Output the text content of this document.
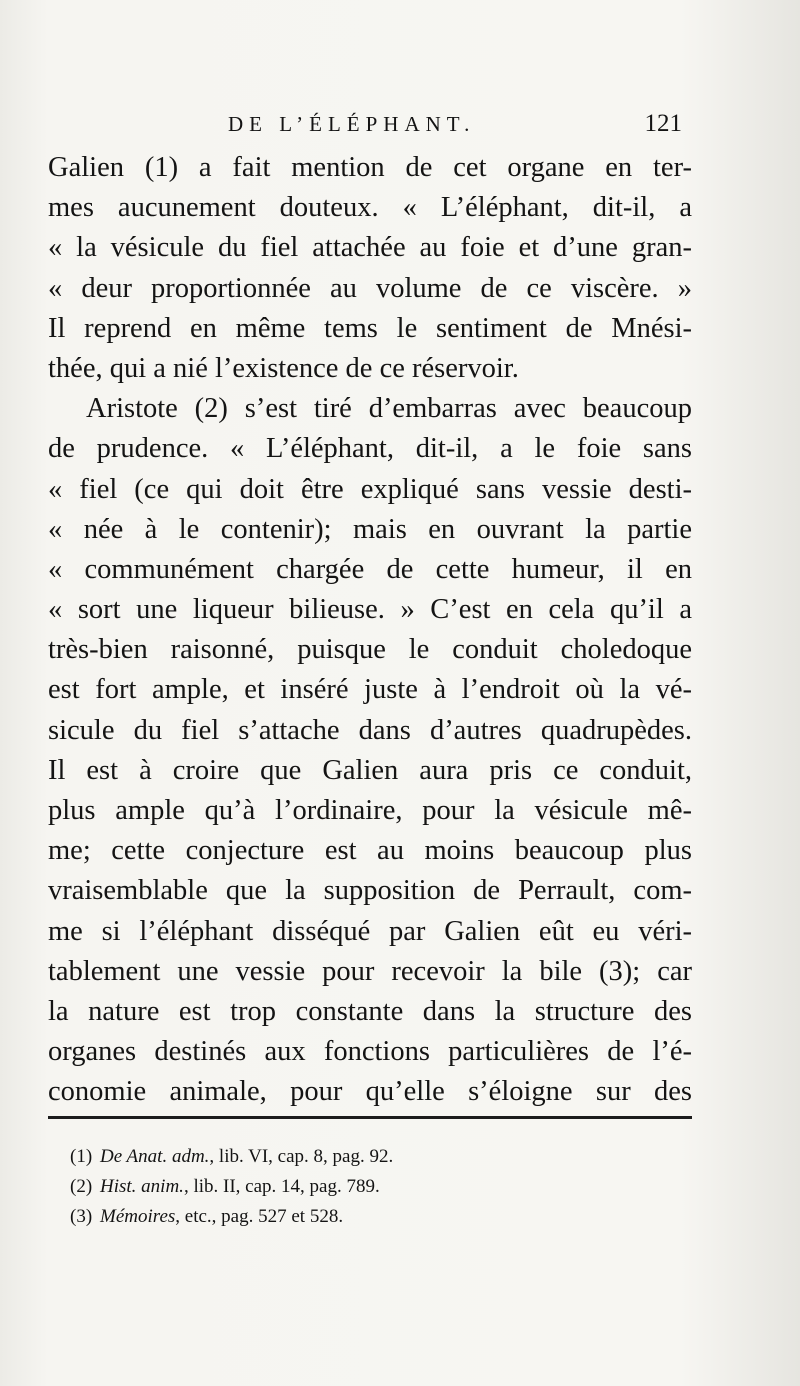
DE L’ÉLÉPHANT.	121
Galien (1) a fait mention de cet organe en ter-
mes aucunement douteux. « L’éléphant, dit-il, a
« la vésicule du fiel attachée au foie et d’une gran-
« deur proportionnée au volume de ce viscère. »
Il reprend en même tems le sentiment de Mnési-
thée, qui a nié l’existence de ce réservoir.
Aristote (2) s’est tiré d’embarras avec beaucoup
de prudence. « L’éléphant, dit-il, a le foie sans
« fiel (ce qui doit être expliqué sans vessie desti-
« née à le contenir); mais en ouvrant la partie
« communément chargée de cette humeur, il en
« sort une liqueur bilieuse. » C’est en cela qu’il a
très-bien raisonné, puisque le conduit choledoque
est fort ample, et inséré juste à l’endroit où la vé-
sicule du fiel s’attache dans d’autres quadrupèdes.
Il est à croire que Galien aura pris ce conduit,
plus ample qu’à l’ordinaire, pour la vésicule mê-
me; cette conjecture est au moins beaucoup plus
vraisemblable que la supposition de Perrault, com-
me si l’éléphant disséqué par Galien eût eu véri-
tablement une vessie pour recevoir la bile (3); car
la nature est trop constante dans la structure des
organes destinés aux fonctions particulières de l’é-
conomie animale, pour qu’elle s’éloigne sur des
(1) De Anat. adm., lib. VI, cap. 8, pag. 92.
(2) Hist. anim., lib. II, cap. 14, pag. 789.
(3) Mémoires, etc., pag. 527 et 528.
